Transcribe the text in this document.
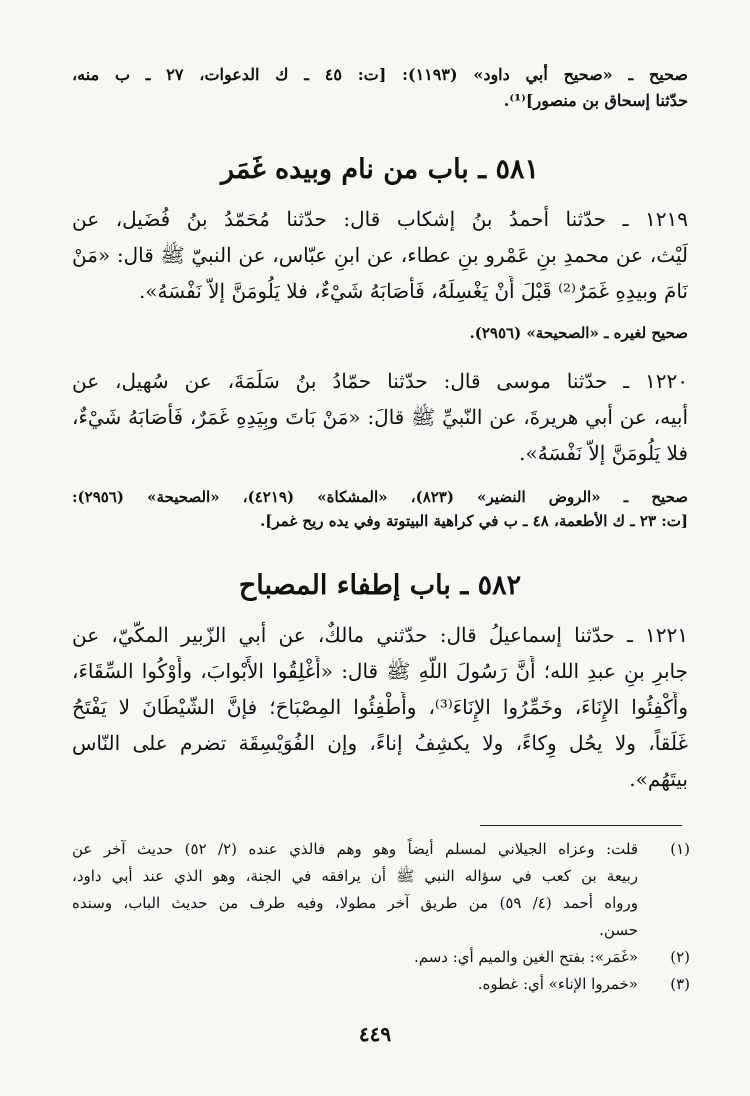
صحيح ـ «صحيح أبي داود» (١١٩٣): [ت: ٤٥ ـ ك الدعوات، ٢٧ ـ ب منه،
حدّثنا إسحاق بن منصور]⁽¹⁾.
٥٨١ ـ باب من نام وبيده غَمَر
١٢١٩ ـ حدّثنا أحمدُ بنُ إشكاب قال: حدّثنا مُحَمّدُ بنُ فُضَيل، عن
لَيْث، عن محمدِ بنِ عَمْرو بنِ عطاء، عن ابنِ عبّاس، عن النبيّ ﷺ قال: «مَنْ
نَامَ وبيدِهِ غَمَرٌ⁽²⁾ قَبْلَ أَنْ يَغْسِلَهُ، فَأَصَابَهُ شَيْءٌ، فلا يَلُومَنَّ إلاّ نَفْسَهُ».
صحيح لغيره ـ «الصحيحة» (٢٩٥٦).
١٢٢٠ ـ حدّثنا موسى قال: حدّثنا حمّادُ بنُ سَلَمَةَ، عن سُهيل، عن
أبيه، عن أبي هريرةَ، عن النّبيِّ ﷺ قالَ: «مَنْ بَاتَ وبِيَدِهِ غَمَرٌ، فَأَصَابَهُ شَيْءٌ،
فلا يَلُومَنَّ إلاّ نَفْسَهُ».
صحيح ـ «الروض النضير» (٨٢٣)، «المشكاة» (٤٢١٩)، «الصحيحة» (٢٩٥٦):
[ت: ٢٣ ـ ك الأطعمة، ٤٨ ـ ب في كراهية البيتوتة وفي يده ريح غمر].
٥٨٢ ـ باب إطفاء المصباح
١٢٢١ ـ حدّثنا إسماعيلُ قال: حدّثني مالكٌ، عن أبي الزّبير المكّيّ، عن
جابرِ بنِ عبدِ الله؛ أَنَّ رَسُولَ اللَّهِ ﷺ قال: «أَغْلِقُوا الأَبْوابَ، وأَوْكُوا السِّقَاءَ،
وأَكْفِئُوا الإِنَاءَ، وخَمِّرُوا الإِنَاءَ⁽³⁾، وأَطْفِئُوا المِصْبَاحَ؛ فإنَّ الشّيْطَانَ لا يَفْتَحُ
غَلَقاً، ولا يحُل وِكاءً، ولا يكشِفُ إناءً، وإن الفُوَيْسِقَة تضرم على النّاس
بيتَهُم».
(١)
قلت: وعزاه الجيلاني لمسلم أيضاً وهو وهم فالذي عنده (٢/ ٥٢) حديث آخر عن
ربيعة بن كعب في سؤاله النبي ﷺ أن يرافقه في الجنة، وهو الذي عند أبي داود،
ورواه أحمد (٤/ ٥٩) من طريق آخر مطولا، وفيه طرف من حديث الباب، وسنده
حسن.
(٢)
«غَمَر»: بفتح الغين والميم أي: دسم.
(٣)
«خمروا الإناء» أي: غطوه.
٤٤٩
